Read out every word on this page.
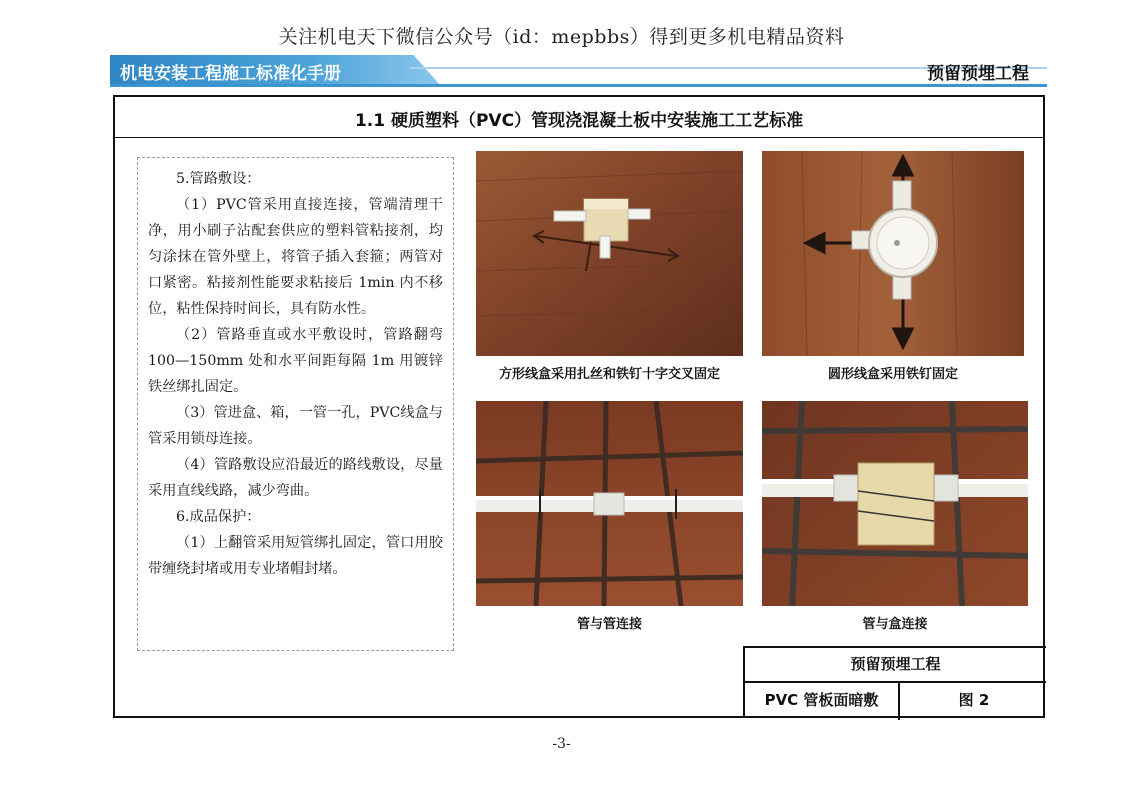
关注机电天下微信公众号（id：mepbbs）得到更多机电精品资料
机电安装工程施工标准化手册	预留预埋工程
1.1 硬质塑料（PVC）管现浇混凝土板中安装施工工艺标准

5.管路敷设：

（1）PVC管采用直接连接，管端清理干净，用小刷子沾配套供应的塑料管粘接剂，均匀涂抹在管外壁上，将管子插入套箍；两管对口紧密。粘接剂性能要求粘接后 1min 内不移位，粘性保持时间长，具有防水性。

（2）管路垂直或水平敷设时，管路翻弯 100—150mm 处和水平间距每隔 1m 用镀锌铁丝绑扎固定。

（3）管进盒、箱，一管一孔，PVC线盒与管采用锁母连接。

（4）管路敷设应沿最近的路线敷设，尽量采用直线线路，减少弯曲。

6.成品保护：

（1）上翻管采用短管绑扎固定，管口用胶带缠绕封堵或用专业堵帽封堵。

方形线盒采用扎丝和铁钉十字交叉固定	圆形线盒采用铁钉固定
管与管连接	管与盒连接
预留预埋工程
PVC 管板面暗敷	图 2
-3-
